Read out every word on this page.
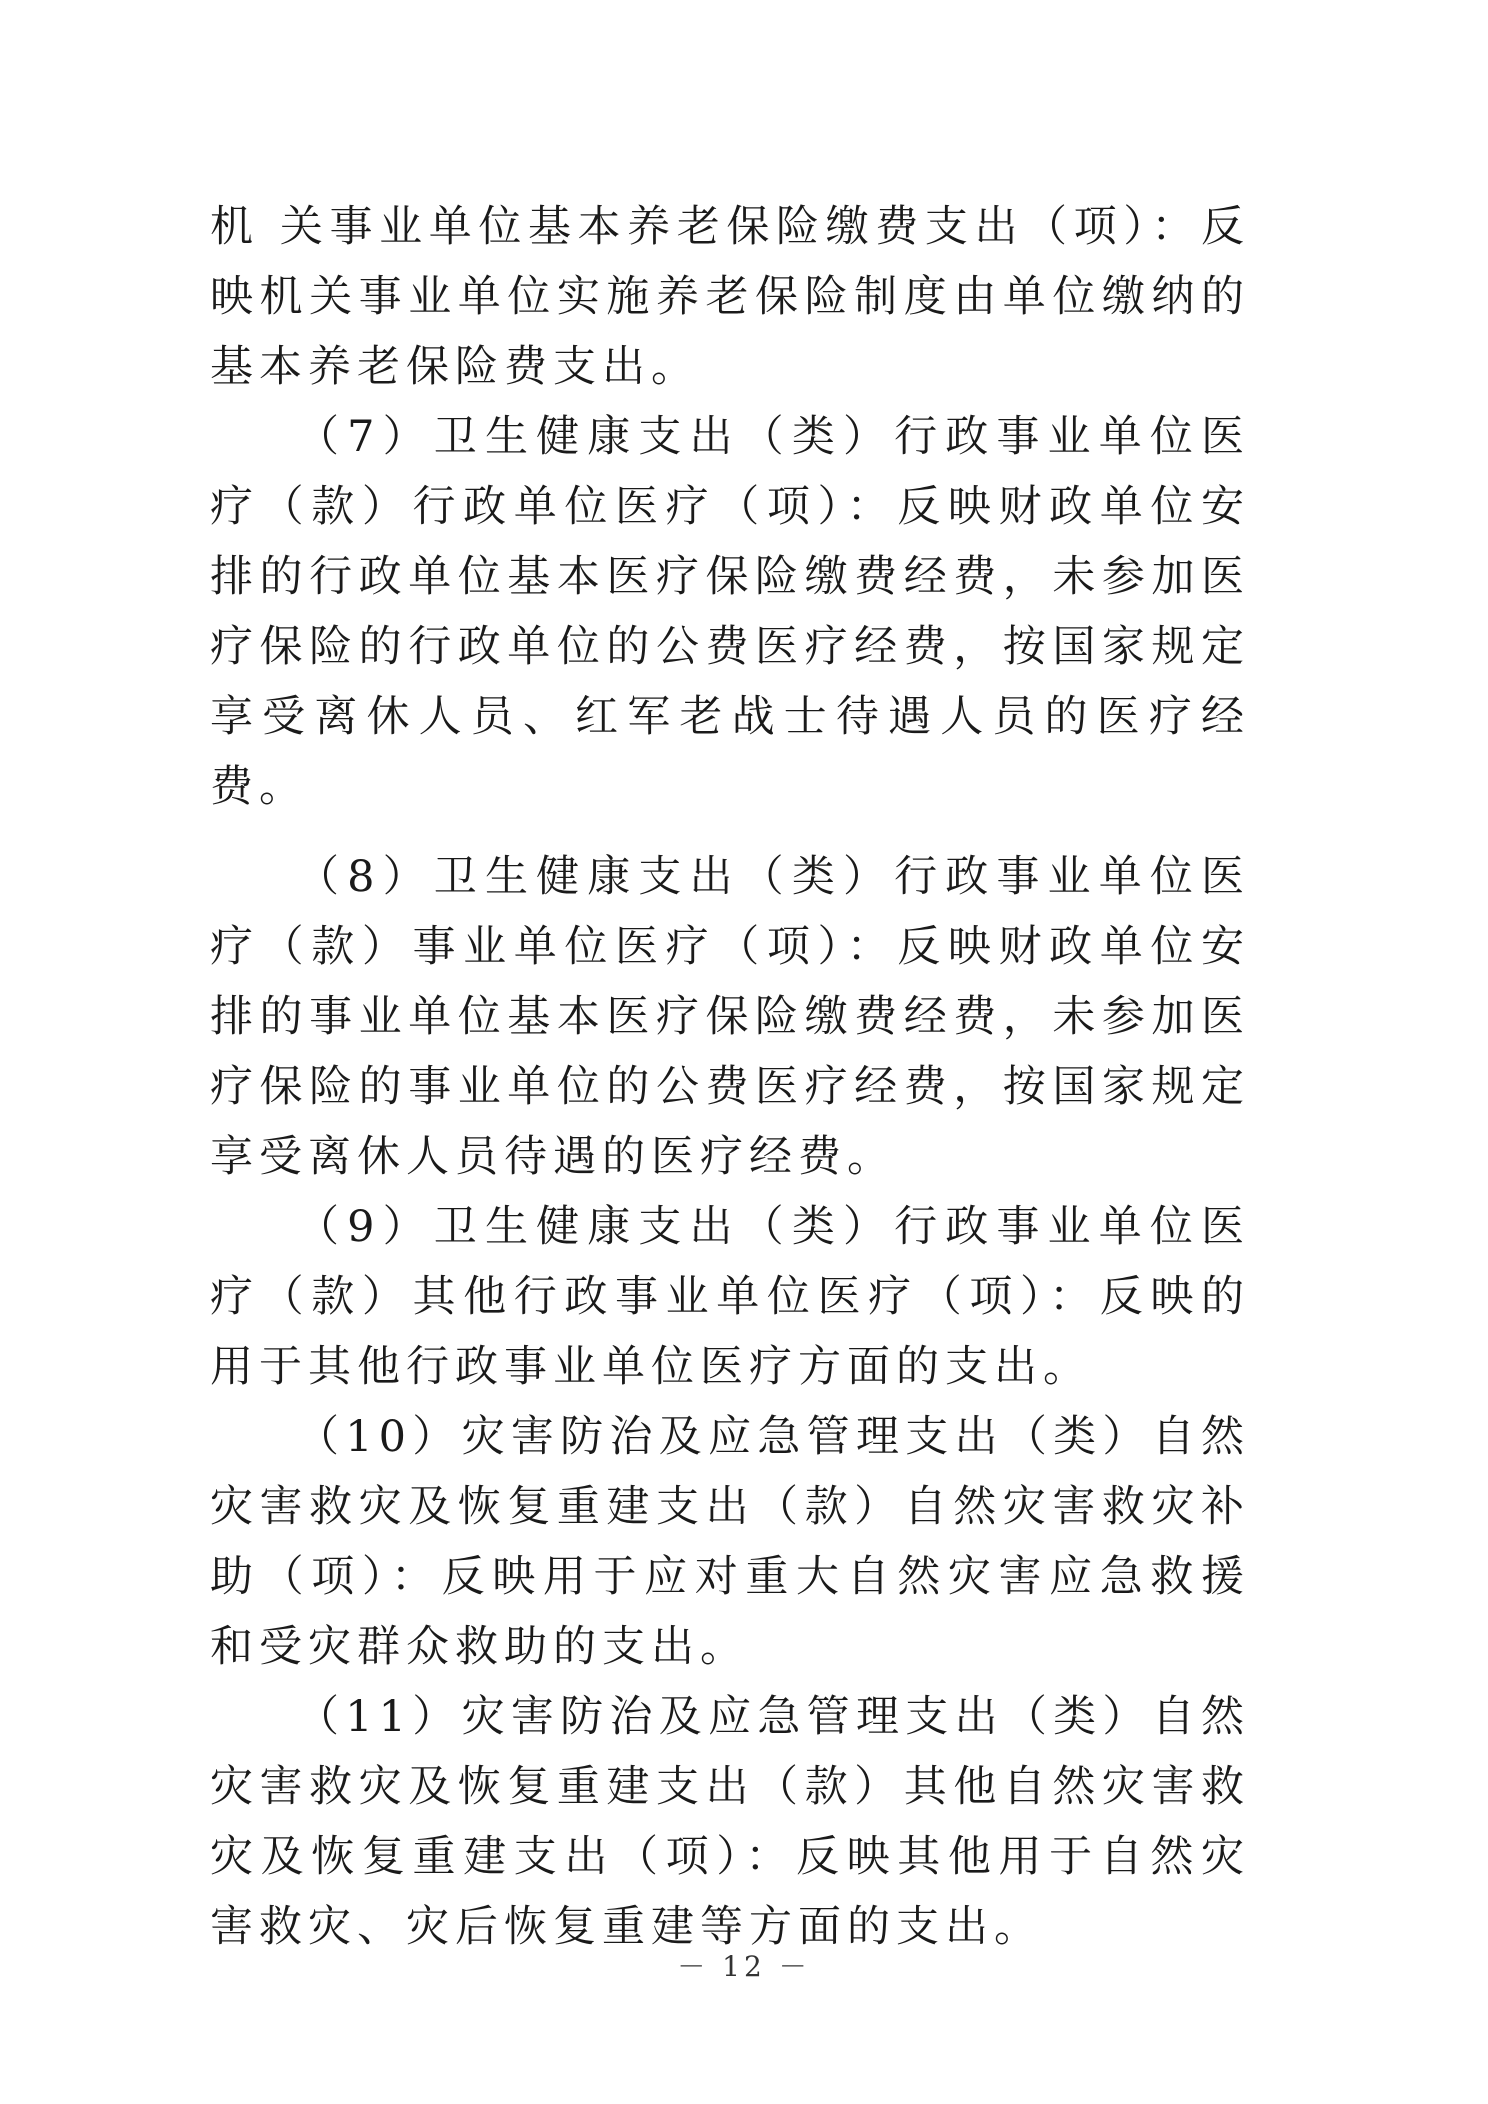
机 关事业单位基本养老保险缴费支出（项）：反映机关事业单位实施养老保险制度由单位缴纳的基本养老保险费支出。

（7）卫生健康支出（类）行政事业单位医疗（款）行政单位医疗（项）：反映财政单位安排的行政单位基本医疗保险缴费经费，未参加医疗保险的行政单位的公费医疗经费，按国家规定享受离休人员、红军老战士待遇人员的医疗经费。

（8）卫生健康支出（类）行政事业单位医疗（款）事业单位医疗（项）：反映财政单位安排的事业单位基本医疗保险缴费经费，未参加医疗保险的事业单位的公费医疗经费，按国家规定享受离休人员待遇的医疗经费。

（9）卫生健康支出（类）行政事业单位医疗（款）其他行政事业单位医疗（项）：反映的用于其他行政事业单位医疗方面的支出。

（10）灾害防治及应急管理支出（类）自然灾害救灾及恢复重建支出（款）自然灾害救灾补助（项）：反映用于应对重大自然灾害应急救援和受灾群众救助的支出。

（11）灾害防治及应急管理支出（类）自然灾害救灾及恢复重建支出（款）其他自然灾害救灾及恢复重建支出（项）：反映其他用于自然灾害救灾、灾后恢复重建等方面的支出。

－ 12 －
